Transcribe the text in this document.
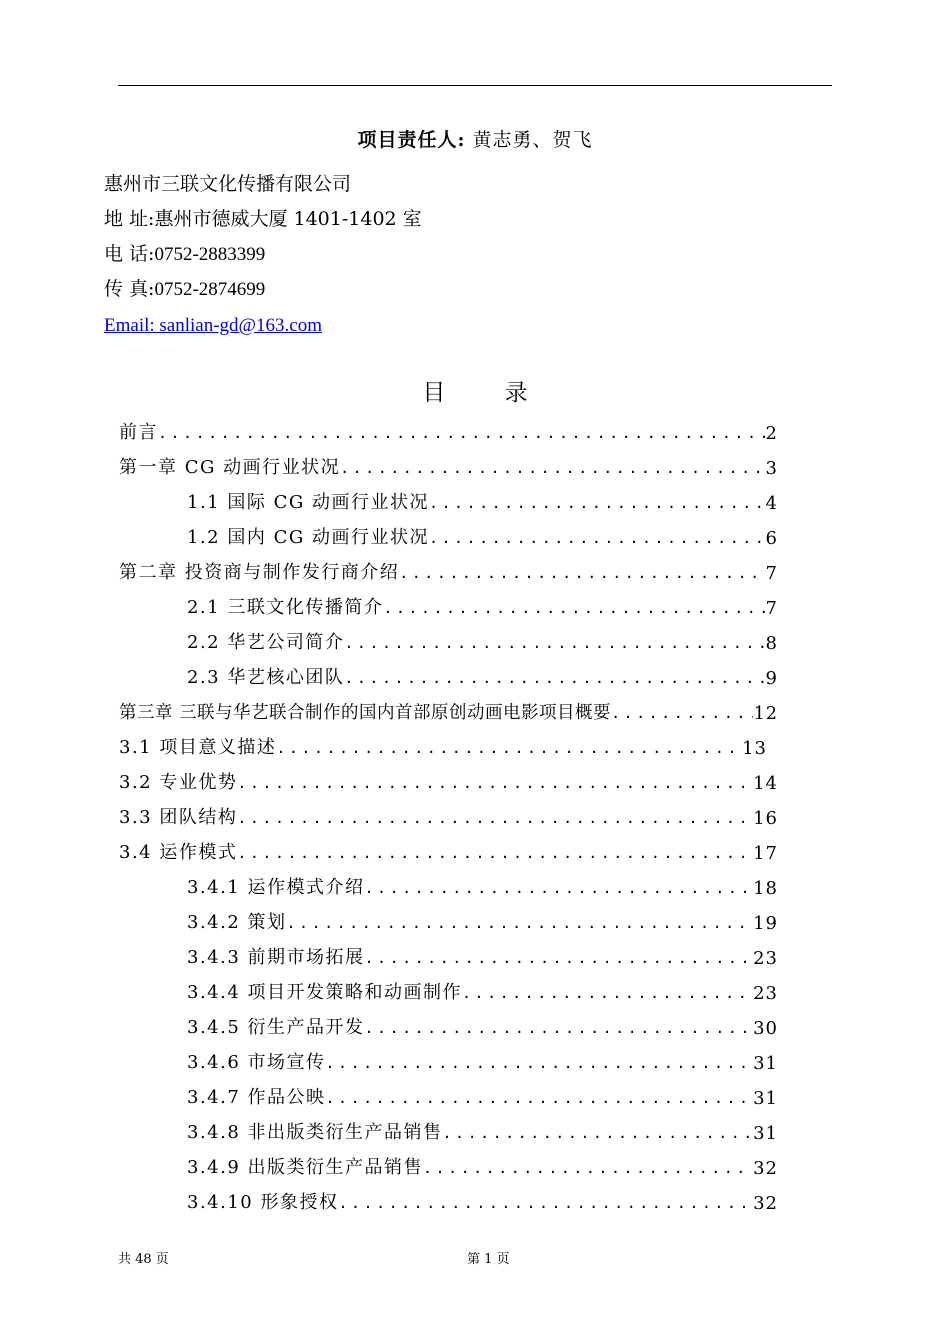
项目责任人: 黄志勇、贺飞
惠州市三联文化传播有限公司
地 址:惠州市德威大厦 1401-1402 室
电 话:0752-2883399
传 真:0752-2874699
Email: sanlian-gd@163.com
目 录
前言 .....	2
第一章 CG 动画行业状况 .....	3
1.1 国际 CG 动画行业状况 .....	4
1.2 国内 CG 动画行业状况 .....	6
第二章 投资商与制作发行商介绍 .....	7
2.1 三联文化传播简介 .....	7
2.2 华艺公司简介 .....	8
2.3 华艺核心团队 .....	9
第三章 三联与华艺联合制作的国内首部原创动画电影项目概要 .....	12
3.1 项目意义描述 .....	13
3.2 专业优势 .....	14
3.3 团队结构 .....	16
3.4 运作模式 .....	17
3.4.1 运作模式介绍 .....	18
3.4.2 策划 .....	19
3.4.3 前期市场拓展 .....	23
3.4.4 项目开发策略和动画制作 .....	23
3.4.5 衍生产品开发 .....	30
3.4.6 市场宣传 .....	31
3.4.7 作品公映 .....	31
3.4.8 非出版类衍生产品销售 .....	31
3.4.9 出版类衍生产品销售 .....	32
3.4.10 形象授权 .....	32
共 48 页	第 1 页
